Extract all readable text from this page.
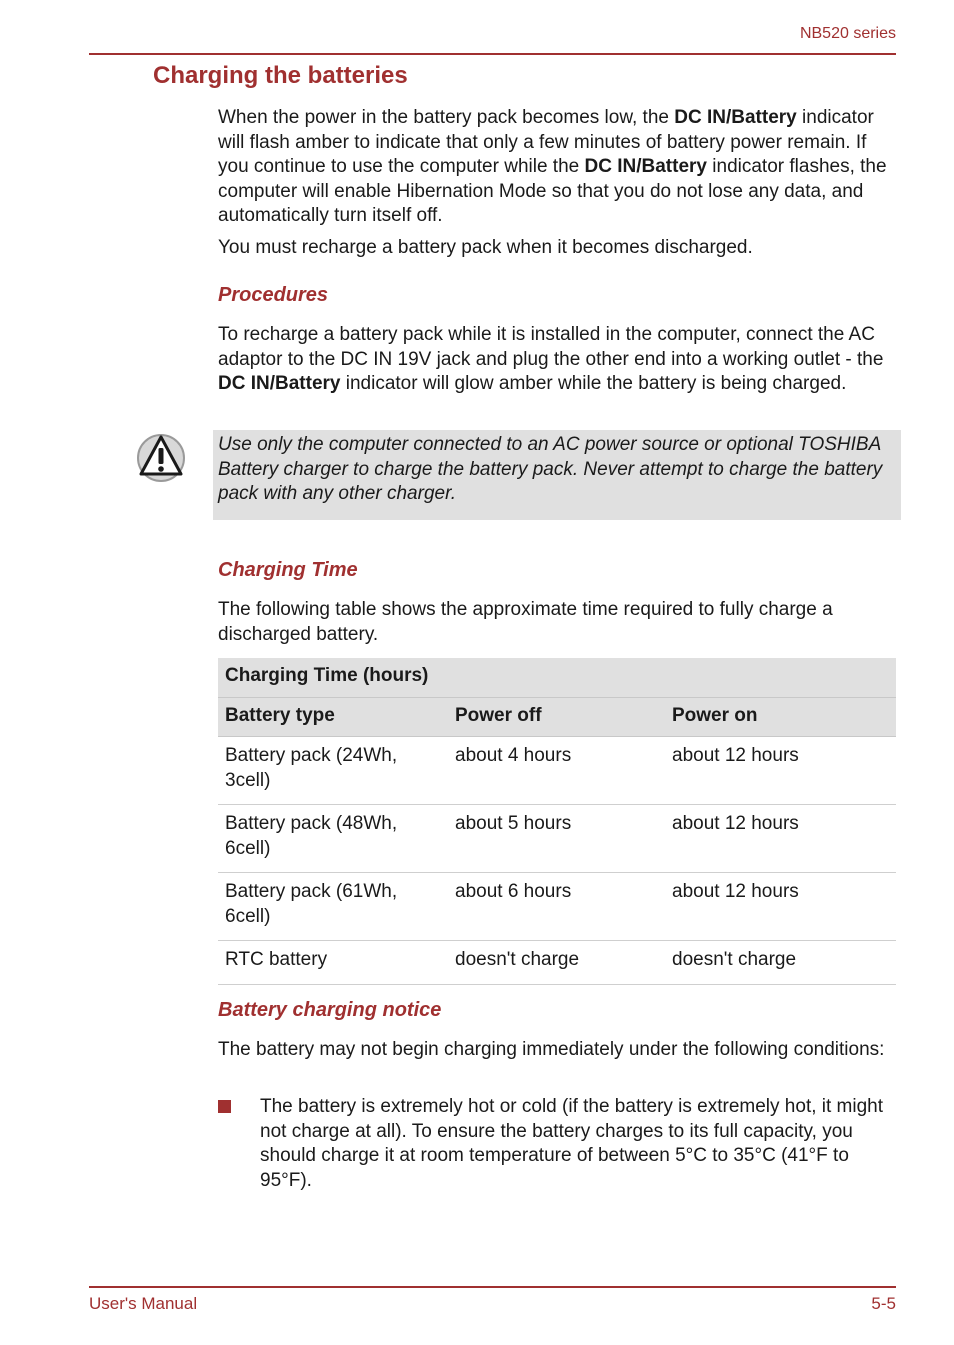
NB520 series
Charging the batteries
When the power in the battery pack becomes low, the DC IN/Battery indicator will flash amber to indicate that only a few minutes of battery power remain. If you continue to use the computer while the DC IN/Battery indicator flashes, the computer will enable Hibernation Mode so that you do not lose any data, and automatically turn itself off.
You must recharge a battery pack when it becomes discharged.
Procedures
To recharge a battery pack while it is installed in the computer, connect the AC adaptor to the DC IN 19V jack and plug the other end into a working outlet - the DC IN/Battery indicator will glow amber while the battery is being charged.
Use only the computer connected to an AC power source or optional TOSHIBA Battery charger to charge the battery pack. Never attempt to charge the battery pack with any other charger.
Charging Time
The following table shows the approximate time required to fully charge a discharged battery.
Charging Time (hours)		
Battery type	Power off	Power on
Battery pack (24Wh, 3cell)	about 4 hours	about 12 hours
Battery pack (48Wh, 6cell)	about 5 hours	about 12 hours
Battery pack (61Wh, 6cell)	about 6 hours	about 12 hours
RTC battery	doesn't charge	doesn't charge
Battery charging notice
The battery may not begin charging immediately under the following conditions:
The battery is extremely hot or cold (if the battery is extremely hot, it might not charge at all). To ensure the battery charges to its full capacity, you should charge it at room temperature of between 5°C to 35°C (41°F to 95°F).
User's Manual	5-5
